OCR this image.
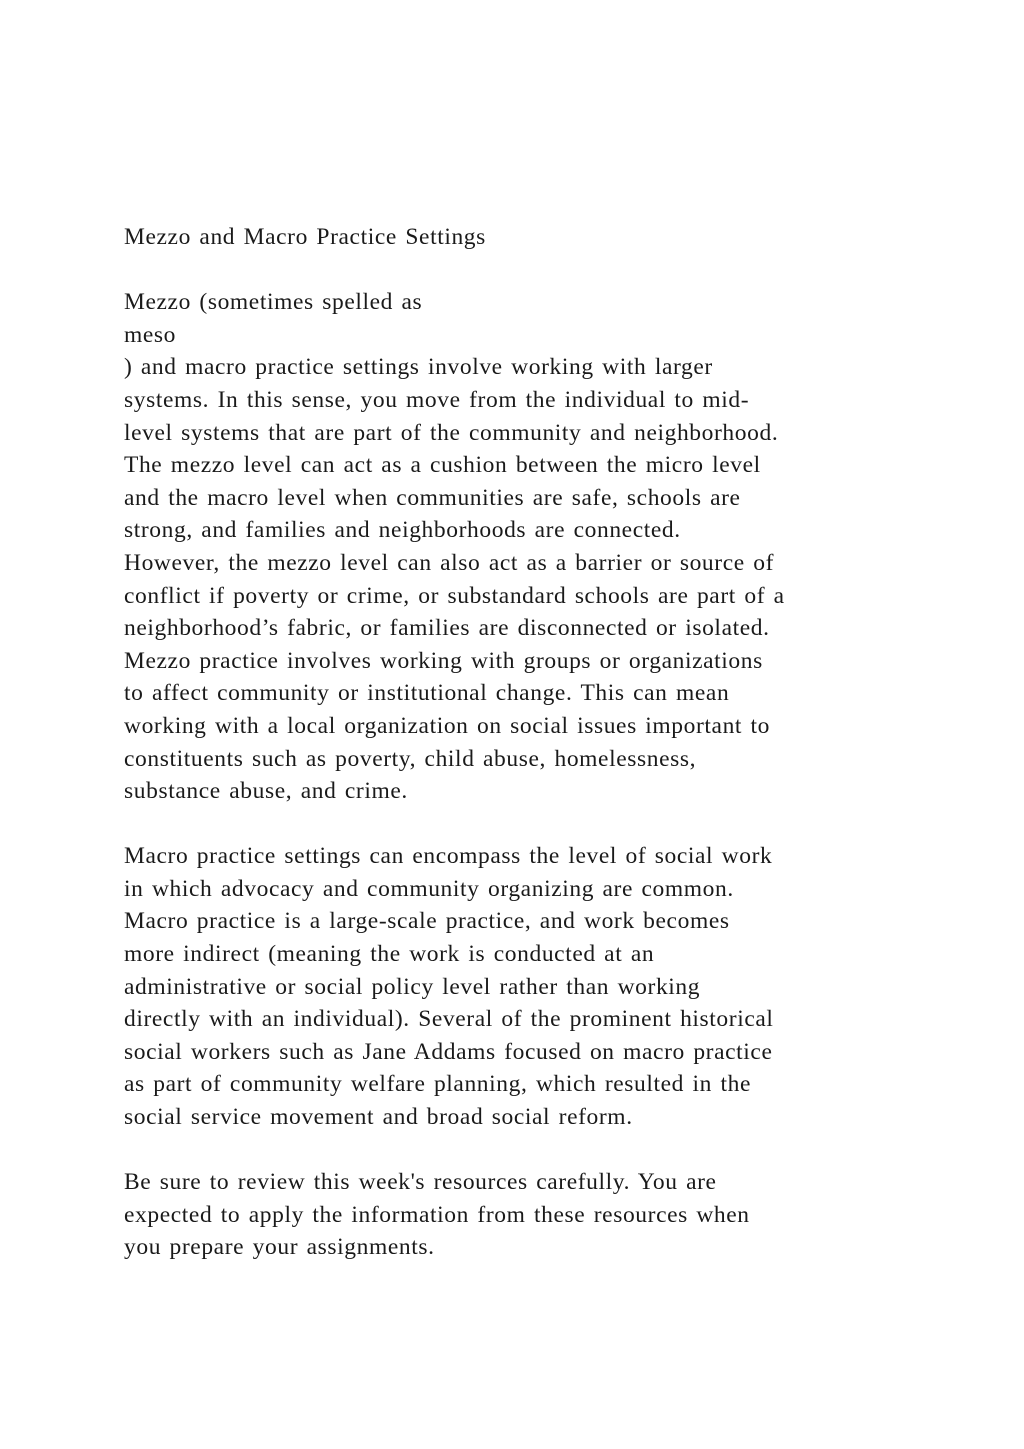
Mezzo and Macro Practice Settings
Mezzo (sometimes spelled as
meso
) and macro practice settings involve working with larger
systems. In this sense, you move from the individual to mid-
level systems that are part of the community and neighborhood.
The mezzo level can act as a cushion between the micro level
and the macro level when communities are safe, schools are
strong, and families and neighborhoods are connected.
However, the mezzo level can also act as a barrier or source of
conflict if poverty or crime, or substandard schools are part of a
neighborhood’s fabric, or families are disconnected or isolated.
Mezzo practice involves working with groups or organizations
to affect community or institutional change. This can mean
working with a local organization on social issues important to
constituents such as poverty, child abuse, homelessness,
substance abuse, and crime.
Macro practice settings can encompass the level of social work
in which advocacy and community organizing are common.
Macro practice is a large-scale practice, and work becomes
more indirect (meaning the work is conducted at an
administrative or social policy level rather than working
directly with an individual). Several of the prominent historical
social workers such as Jane Addams focused on macro practice
as part of community welfare planning, which resulted in the
social service movement and broad social reform.
Be sure to review this week's resources carefully. You are
expected to apply the information from these resources when
you prepare your assignments.
